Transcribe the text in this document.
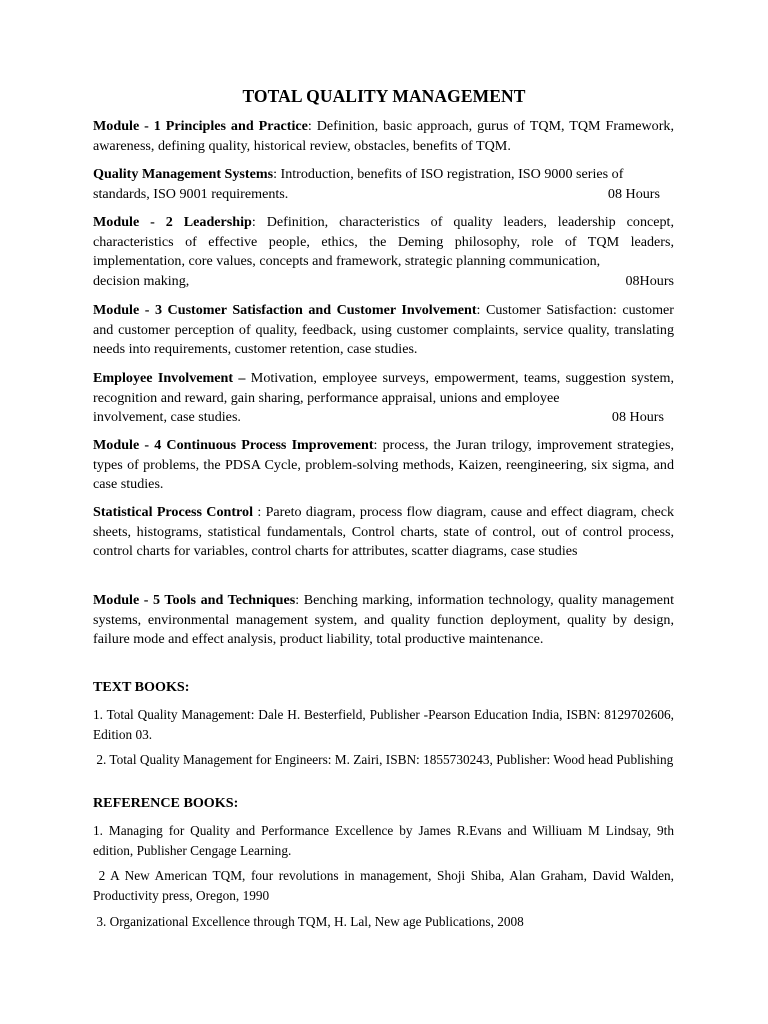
TOTAL QUALITY MANAGEMENT
Module - 1 Principles and Practice: Definition, basic approach, gurus of TQM, TQM Framework, awareness, defining quality, historical review, obstacles, benefits of TQM.
Quality Management Systems: Introduction, benefits of ISO registration, ISO 9000 series of
standards, ISO 9001 requirements.	08 Hours
Module - 2 Leadership: Definition, characteristics of quality leaders, leadership concept, characteristics of effective people, ethics, the Deming philosophy, role of TQM leaders, implementation, core values, concepts and framework, strategic planning communication,
decision making,	08Hours
Module - 3 Customer Satisfaction and Customer Involvement: Customer Satisfaction: customer and customer perception of quality, feedback, using customer complaints, service quality, translating needs into requirements, customer retention, case studies.
Employee Involvement – Motivation, employee surveys, empowerment, teams, suggestion system, recognition and reward, gain sharing, performance appraisal, unions and employee
involvement, case studies.	08 Hours
Module - 4 Continuous Process Improvement: process, the Juran trilogy, improvement strategies, types of problems, the PDSA Cycle, problem-solving methods, Kaizen, reengineering, six sigma, and case studies.
Statistical Process Control : Pareto diagram, process flow diagram, cause and effect diagram, check sheets, histograms, statistical fundamentals, Control charts, state of control, out of control process, control charts for variables, control charts for attributes, scatter diagrams, case studies
Module - 5 Tools and Techniques: Benching marking, information technology, quality management systems, environmental management system, and quality function deployment, quality by design, failure mode and effect analysis, product liability, total productive maintenance.
TEXT BOOKS:
1. Total Quality Management: Dale H. Besterfield, Publisher -Pearson Education India, ISBN: 8129702606, Edition 03.
2. Total Quality Management for Engineers: M. Zairi, ISBN: 1855730243, Publisher: Wood head Publishing
REFERENCE BOOKS:
1. Managing for Quality and Performance Excellence by James R.Evans and Williuam M Lindsay, 9th edition, Publisher Cengage Learning.
2 A New American TQM, four revolutions in management, Shoji Shiba, Alan Graham, David Walden, Productivity press, Oregon, 1990
3. Organizational Excellence through TQM, H. Lal, New age Publications, 2008
